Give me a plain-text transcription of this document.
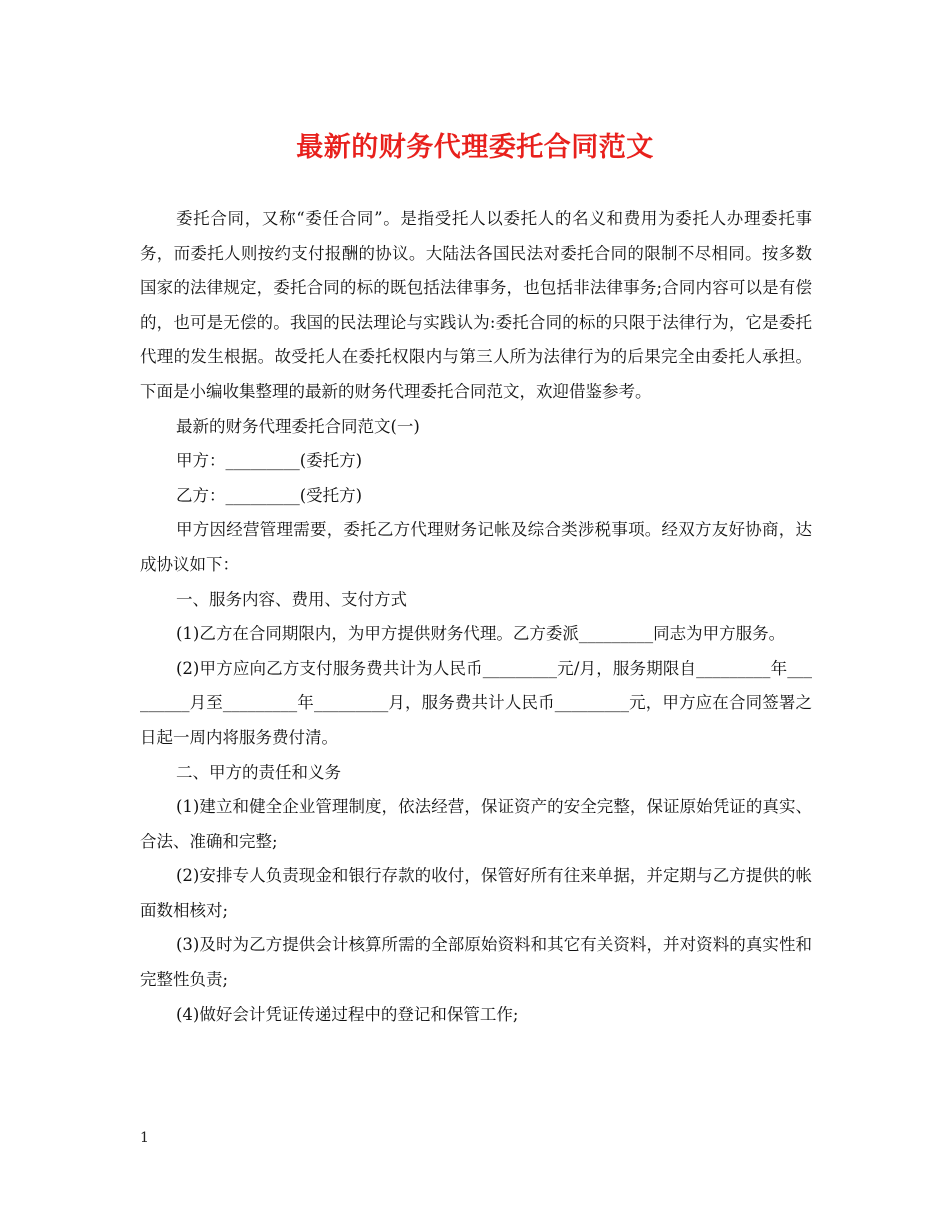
最新的财务代理委托合同范文

委托合同，又称“委任合同”。是指受托人以委托人的名义和费用为委托人办理委托事务，而委托人则按约支付报酬的协议。大陆法各国民法对委托合同的限制不尽相同。按多数国家的法律规定，委托合同的标的既包括法律事务，也包括非法律事务;合同内容可以是有偿的，也可是无偿的。我国的民法理论与实践认为:委托合同的标的只限于法律行为，它是委托代理的发生根据。故受托人在委托权限内与第三人所为法律行为的后果完全由委托人承担。下面是小编收集整理的最新的财务代理委托合同范文，欢迎借鉴参考。

最新的财务代理委托合同范文(一)

甲方：_________(委托方)

乙方：_________(受托方)

甲方因经营管理需要，委托乙方代理财务记帐及综合类涉税事项。经双方友好协商，达成协议如下：

一、服务内容、费用、支付方式

(1)乙方在合同期限内，为甲方提供财务代理。乙方委派_________同志为甲方服务。

(2)甲方应向乙方支付服务费共计为人民币_________元/月，服务期限自_________年_________月至_________年_________月，服务费共计人民币_________元，甲方应在合同签署之日起一周内将服务费付清。

二、甲方的责任和义务

(1)建立和健全企业管理制度，依法经营，保证资产的安全完整，保证原始凭证的真实、合法、准确和完整;

(2)安排专人负责现金和银行存款的收付，保管好所有往来单据，并定期与乙方提供的帐面数相核对;

(3)及时为乙方提供会计核算所需的全部原始资料和其它有关资料，并对资料的真实性和完整性负责;

(4)做好会计凭证传递过程中的登记和保管工作;

1
